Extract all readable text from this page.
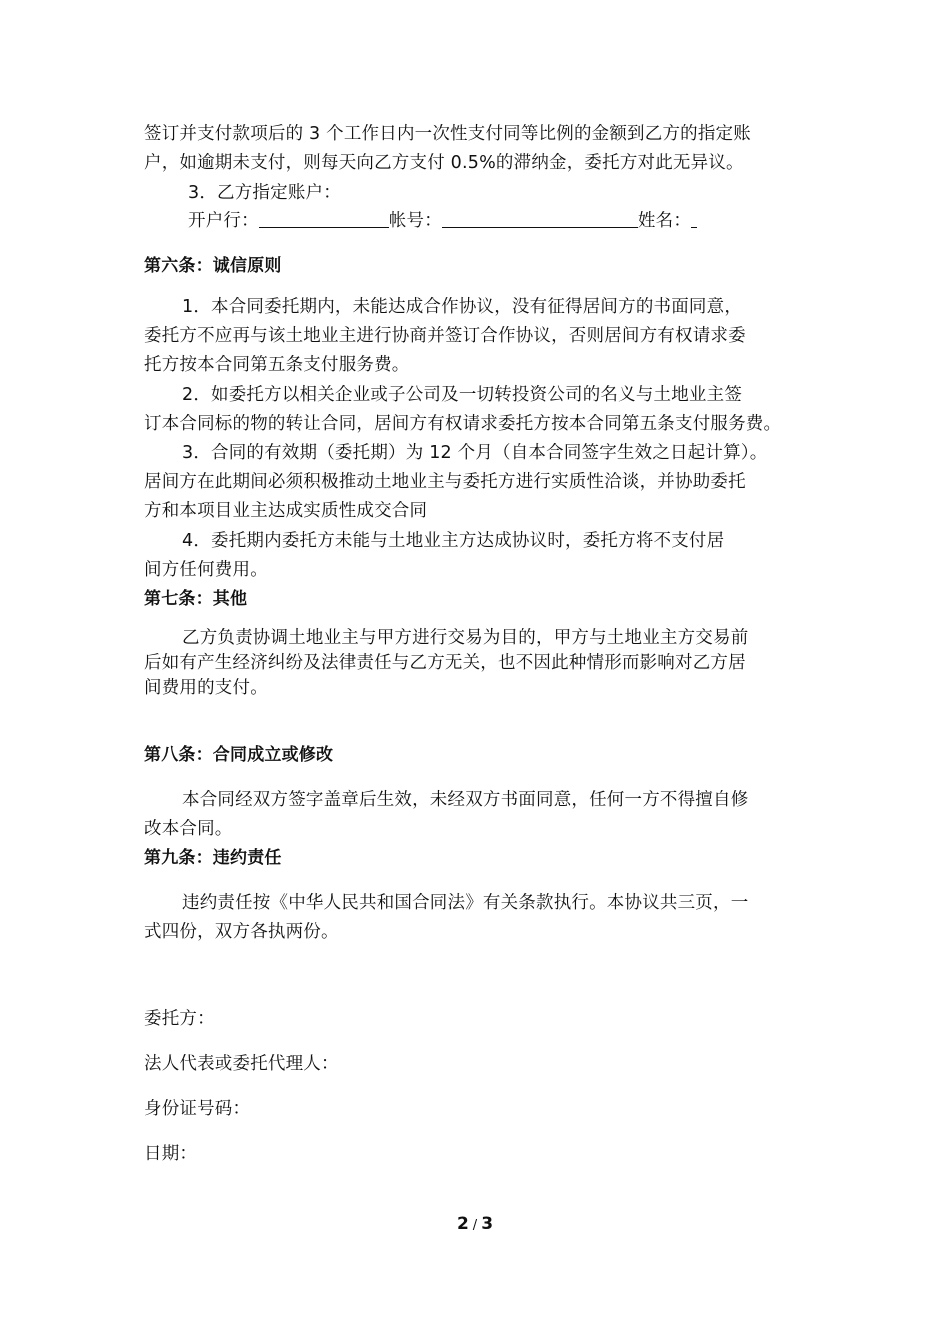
签订并支付款项后的 3 个工作日内一次性支付同等比例的金额到乙方的指定账
户，如逾期未支付，则每天向乙方支付 0.5%的滞纳金，委托方对此无异议。
3．乙方指定账户：
开户行：	帐号：	姓名：
第六条：诚信原则
1．本合同委托期内，未能达成合作协议，没有征得居间方的书面同意，
委托方不应再与该土地业主进行协商并签订合作协议，否则居间方有权请求委
托方按本合同第五条支付服务费。
2．如委托方以相关企业或子公司及一切转投资公司的名义与土地业主签
订本合同标的物的转让合同，居间方有权请求委托方按本合同第五条支付服务费。
3．合同的有效期（委托期）为 12 个月（自本合同签字生效之日起计算）。
居间方在此期间必须积极推动土地业主与委托方进行实质性洽谈，并协助委托
方和本项目业主达成实质性成交合同
4．委托期内委托方未能与土地业主方达成协议时，委托方将不支付居
间方任何费用。
第七条：其他
乙方负责协调土地业主与甲方进行交易为目的，甲方与土地业主方交易前
后如有产生经济纠纷及法律责任与乙方无关，也不因此种情形而影响对乙方居
间费用的支付。
第八条：合同成立或修改
本合同经双方签字盖章后生效，未经双方书面同意，任何一方不得擅自修
改本合同。
第九条：违约责任
违约责任按《中华人民共和国合同法》有关条款执行。本协议共三页，一
式四份，双方各执两份。
委托方：
法人代表或委托代理人：
身份证号码：
日期：
2 / 3
